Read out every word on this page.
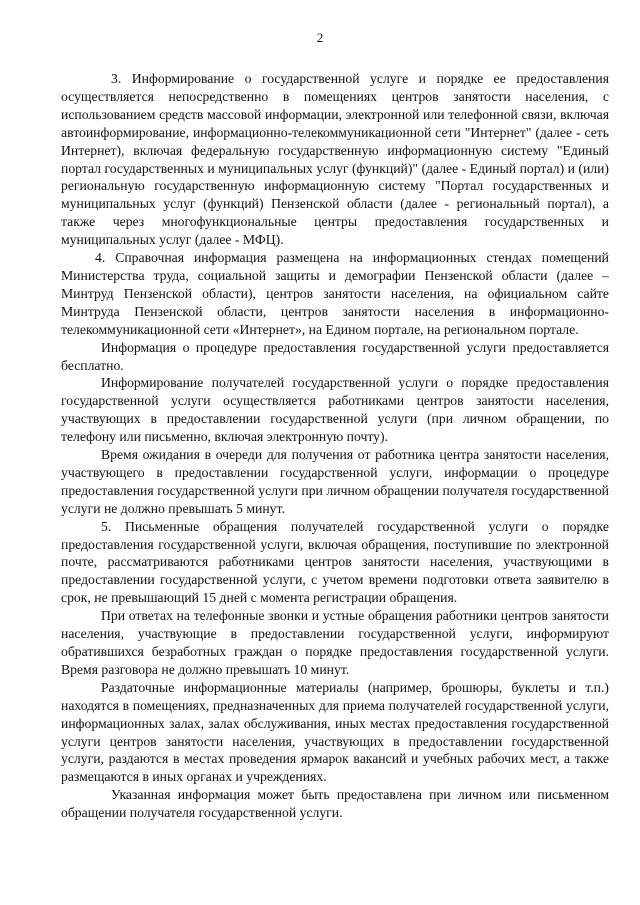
2

3. Информирование о государственной услуге и порядке ее предоставления осуществляется непосредственно в помещениях центров занятости населения, с использованием средств массовой информации, электронной или телефонной связи, включая автоинформирование, информационно-телекоммуникационной сети "Интернет" (далее - сеть Интернет), включая федеральную государственную информационную систему "Единый портал государственных и муниципальных услуг (функций)" (далее - Единый портал) и (или) региональную государственную информационную систему "Портал государственных и муниципальных услуг (функций) Пензенской области (далее - региональный портал), а также через многофункциональные центры предоставления государственных и муниципальных услуг (далее - МФЦ).

4. Справочная информация размещена на информационных стендах помещений Министерства труда, социальной защиты и демографии Пензенской области (далее – Минтруд Пензенской области), центров занятости населения, на официальном сайте Минтруда Пензенской области, центров занятости населения в информационно-телекоммуникационной сети «Интернет», на Едином портале, на региональном портале.

Информация о процедуре предоставления государственной услуги предоставляется бесплатно.

Информирование получателей государственной услуги о порядке предоставления государственной услуги осуществляется работниками центров занятости населения, участвующих в предоставлении государственной услуги (при личном обращении, по телефону или письменно, включая электронную почту).

Время ожидания в очереди для получения от работника центра занятости населения, участвующего в предоставлении государственной услуги, информации о процедуре предоставления государственной услуги при личном обращении получателя государственной услуги не должно превышать 5 минут.

5. Письменные обращения получателей государственной услуги о порядке предоставления государственной услуги, включая обращения, поступившие по электронной почте, рассматриваются работниками центров занятости населения, участвующими в предоставлении государственной услуги, с учетом времени подготовки ответа заявителю в срок, не превышающий 15 дней с момента регистрации обращения.

При ответах на телефонные звонки и устные обращения работники центров занятости населения, участвующие в предоставлении государственной услуги, информируют обратившихся безработных граждан о порядке предоставления государственной услуги. Время разговора не должно превышать 10 минут.

Раздаточные информационные материалы (например, брошюры, буклеты и т.п.) находятся в помещениях, предназначенных для приема получателей государственной услуги, информационных залах, залах обслуживания, иных местах предоставления государственной услуги центров занятости населения, участвующих в предоставлении государственной услуги, раздаются в местах проведения ярмарок вакансий и учебных рабочих мест, а также размещаются в иных органах и учреждениях.

Указанная информация может быть предоставлена при личном или письменном обращении получателя государственной услуги.
